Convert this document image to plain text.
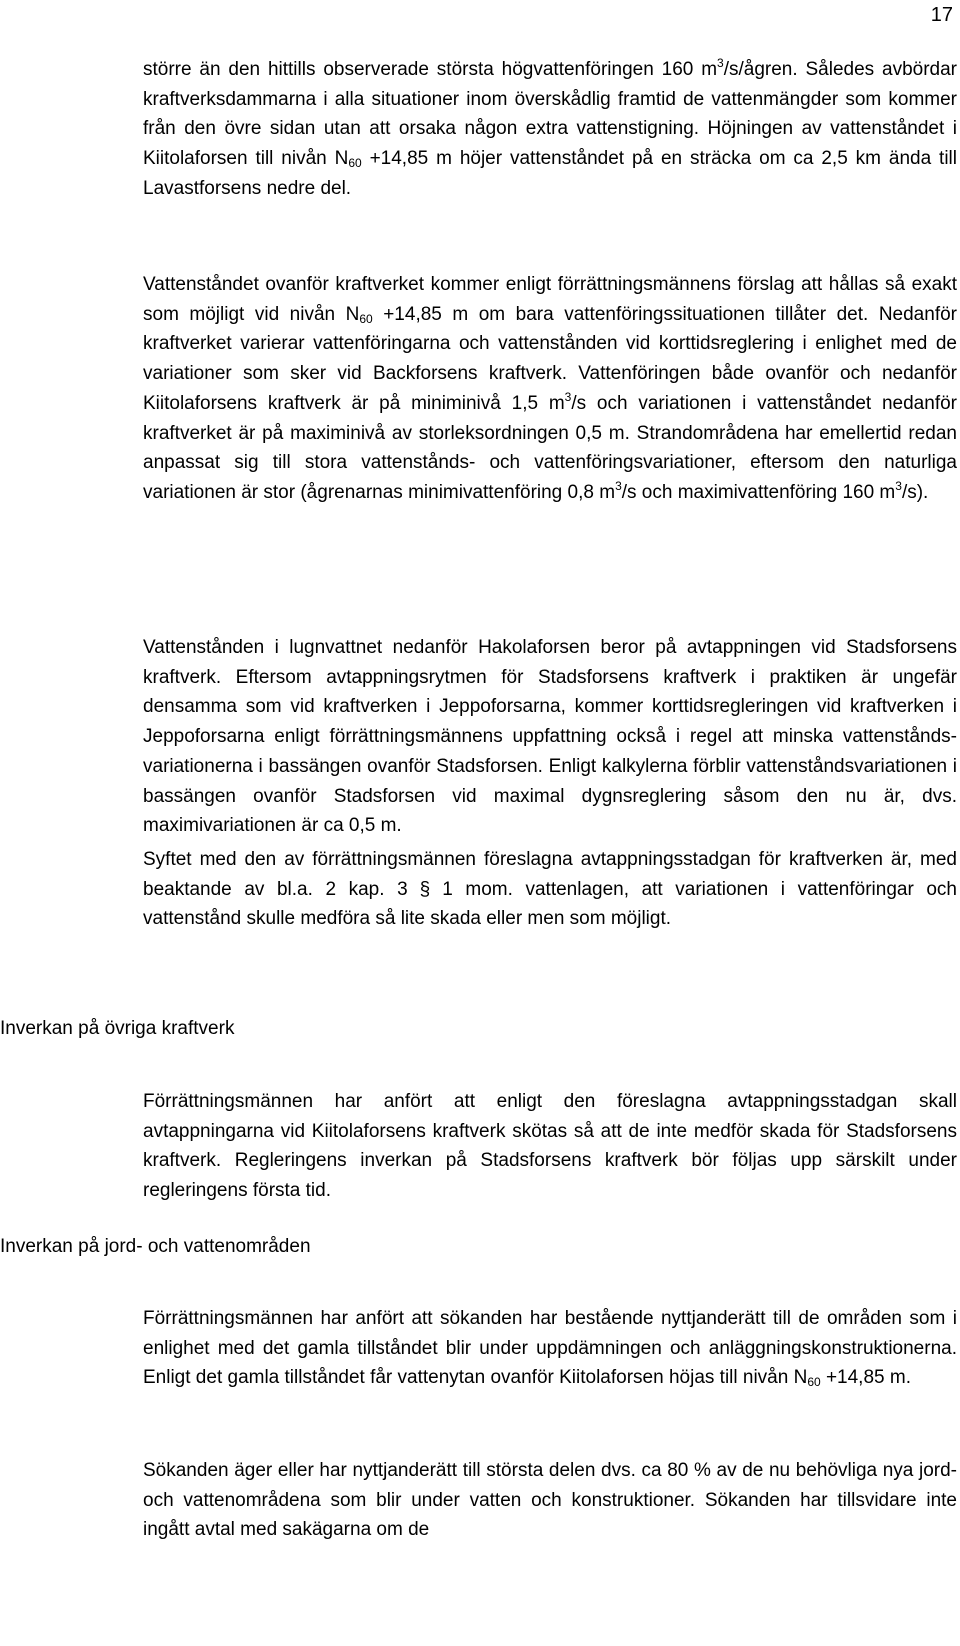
17

större än den hittills observerade största högvattenföringen 160 $m^3/s$/ågren. Således avbördar kraftverksdammarna i alla situationer inom överskådlig framtid de vattenmängder som kommer från den övre sidan utan att orsaka någon extra vattenstigning. Höjningen av vattenståndet i Kiitolaforsen till nivån $N_{60} +14,85$ m höjer vattenståndet på en sträcka om ca 2,5 km ända till Lavastforsens nedre del.

Vattenståndet ovanför kraftverket kommer enligt förrättningsmännens förslag att hållas så exakt som möjligt vid nivån $N_{60} +14,85$ m om bara vattenföringssituationen tillåter det. Nedanför kraftverket varierar vattenföringarna och vattenstånden vid korttidsreglering i enlighet med de variationer som sker vid Backforsens kraftverk. Vattenföringen både ovanför och nedanför Kiitolaforsens kraftverk är på miniminivå 1,5 $m^3/s$ och variationen i vattenståndet nedanför kraftverket är på maximinivå av storleksordningen 0,5 m. Strandområdena har emellertid redan anpassat sig till stora vattenstånds- och vattenföringsvariationer, eftersom den naturliga variationen är stor (ågrenarnas minimivattenföring 0,8 $m^3/s$ och maximivattenföring 160 $m^3/s$).

Vattenstånden i lugnvattnet nedanför Hakolaforsen beror på avtappningen vid Stadsforsens kraftverk. Eftersom avtappningsrytmen för Stadsforsens kraftverk i praktiken är ungefär densamma som vid kraftverken i Jeppoforsarna, kommer korttidsregleringen vid kraftverken i Jeppoforsarna enligt förrättningsmännens uppfattning också i regel att minska vattenståndsvariationerna i bassängen ovanför Stadsforsen. Enligt kalkylerna förblir vattenståndsvariationen i bassängen ovanför Stadsforsen vid maximal dygnsreglering såsom den nu är, dvs. maximivariationen är ca 0,5 m.

Syftet med den av förrättningsmännen föreslagna avtappningsstadgan för kraftverken är, med beaktande av bl.a. 2 kap. 3 § 1 mom. vattenlagen, att variationen i vattenföringar och vattenstånd skulle medföra så lite skada eller men som möjligt.

Inverkan på övriga kraftverk

Förrättningsmännen har anfört att enligt den föreslagna avtappningsstadgan skall avtappningarna vid Kiitolaforsens kraftverk skötas så att de inte medför skada för Stadsforsens kraftverk. Regleringens inverkan på Stadsforsens kraftverk bör följas upp särskilt under regleringens första tid.

Inverkan på jord- och vattenområden

Förrättningsmännen har anfört att sökanden har bestående nyttjanderätt till de områden som i enlighet med det gamla tillståndet blir under uppdämningen och anläggningskonstruktionerna. Enligt det gamla tillståndet får vattenytan ovanför Kiitolaforsen höjas till nivån $N_{60} +14,85$ m.

Sökanden äger eller har nyttjanderätt till största delen dvs. ca 80 % av de nu behövliga nya jord- och vattenområdena som blir under vatten och konstruktioner. Sökanden har tillsvidare inte ingått avtal med sakägarna om de
